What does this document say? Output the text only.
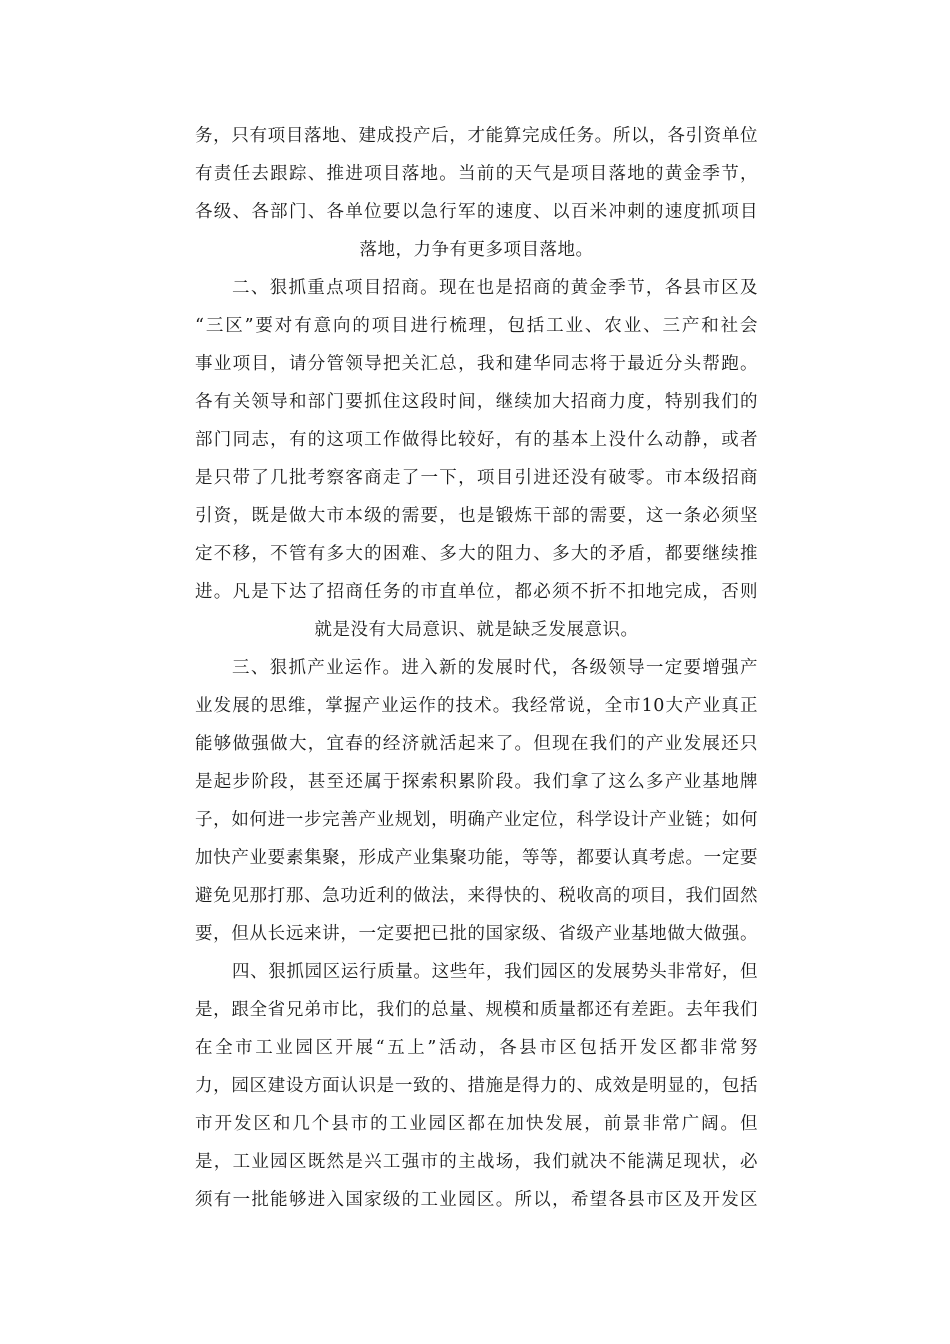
务，只有项目落地、建成投产后，才能算完成任务。所以，各引资单位
有责任去跟踪、推进项目落地。当前的天气是项目落地的黄金季节，
各级、各部门、各单位要以急行军的速度、以百米冲刺的速度抓项目
落地，力争有更多项目落地。
二、狠抓重点项目招商。现在也是招商的黄金季节，各县市区及
“三区”要对有意向的项目进行梳理，包括工业、农业、三产和社会
事业项目，请分管领导把关汇总，我和建华同志将于最近分头帮跑。
各有关领导和部门要抓住这段时间，继续加大招商力度，特别我们的
部门同志，有的这项工作做得比较好，有的基本上没什么动静，或者
是只带了几批考察客商走了一下，项目引进还没有破零。市本级招商
引资，既是做大市本级的需要，也是锻炼干部的需要，这一条必须坚
定不移，不管有多大的困难、多大的阻力、多大的矛盾，都要继续推
进。凡是下达了招商任务的市直单位，都必须不折不扣地完成，否则
就是没有大局意识、就是缺乏发展意识。
三、狠抓产业运作。进入新的发展时代，各级领导一定要增强产
业发展的思维，掌握产业运作的技术。我经常说，全市10大产业真正
能够做强做大，宜春的经济就活起来了。但现在我们的产业发展还只
是起步阶段，甚至还属于探索积累阶段。我们拿了这么多产业基地牌
子，如何进一步完善产业规划，明确产业定位，科学设计产业链；如何
加快产业要素集聚，形成产业集聚功能，等等，都要认真考虑。一定要
避免见那打那、急功近利的做法，来得快的、税收高的项目，我们固然
要，但从长远来讲，一定要把已批的国家级、省级产业基地做大做强。
四、狠抓园区运行质量。这些年，我们园区的发展势头非常好，但
是，跟全省兄弟市比，我们的总量、规模和质量都还有差距。去年我们
在全市工业园区开展“五上”活动，各县市区包括开发区都非常努
力，园区建设方面认识是一致的、措施是得力的、成效是明显的，包括
市开发区和几个县市的工业园区都在加快发展，前景非常广阔。但
是，工业园区既然是兴工强市的主战场，我们就决不能满足现状，必
须有一批能够进入国家级的工业园区。所以，希望各县市区及开发区
